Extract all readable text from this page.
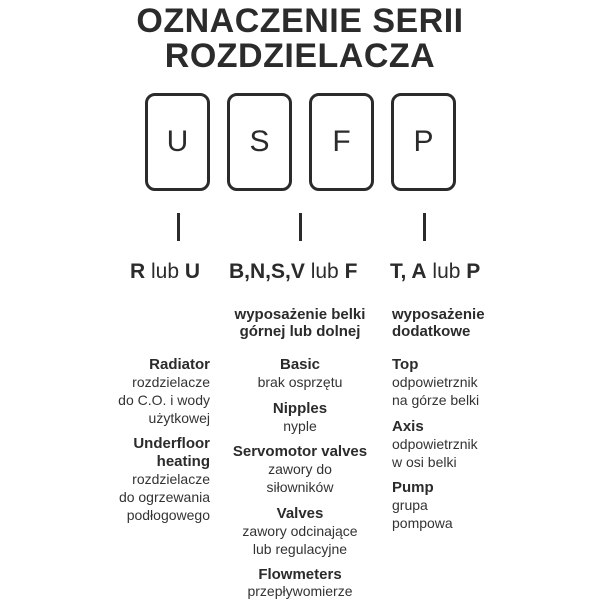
OZNACZENIE SERII
ROZDZIELACZA
U	S	F	P
R lub U B,N,S,V lub F T, A lub P
wyposażenie belki
górnej lub dolnej
wyposażenie
dodatkowe
Radiator
rozdzielacze
do C.O. i wody
użytkowej
Underfloor
heating
rozdzielacze
do ogrzewania
podłogowego
Basic
brak osprzętu
Nipples
nyple
Servomotor valves
zawory do
siłowników
Valves
zawory odcinające
lub regulacyjne
Flowmeters
przepływomierze
Top
odpowietrznik
na górze belki
Axis
odpowietrznik
w osi belki
Pump
grupa
pompowa
